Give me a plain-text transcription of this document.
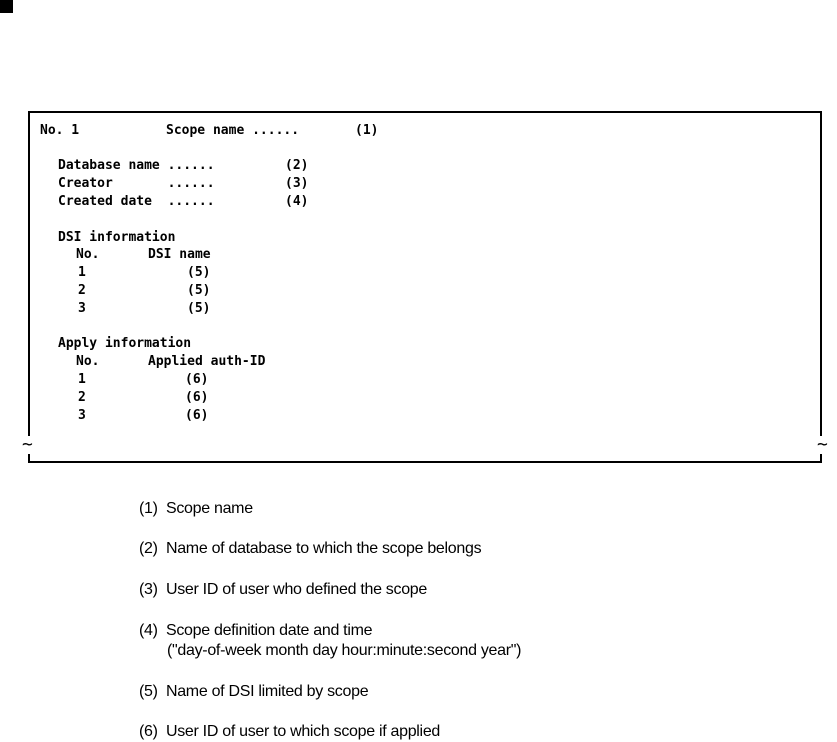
~	~
No. 1	Scope name ......	(1)
Database name ......	(2)
Creator       ......	(3)
Created date  ......	(4)
DSI information
No.	DSI name
1	(5)
2	(5)
3	(5)
Apply information
No.	Applied auth-ID
1	(6)
2	(6)
3	(6)
(1) Scope name
(2) Name of database to which the scope belongs
(3) User ID of user who defined the scope
(4) Scope definition date and time
("day-of-week month day hour:minute:second year")
(5) Name of DSI limited by scope
(6) User ID of user to which scope if applied
